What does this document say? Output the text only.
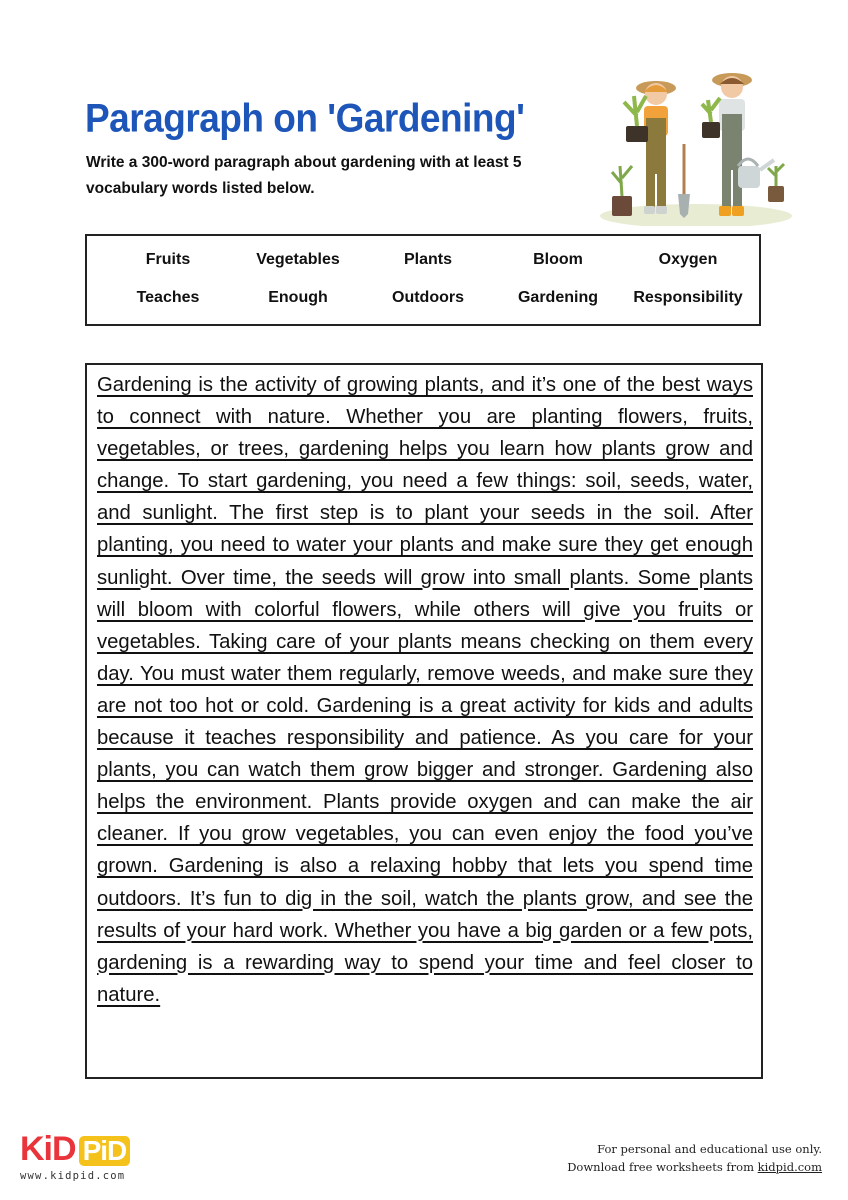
Paragraph on 'Gardening'
Write a 300-word paragraph about gardening with at least 5 vocabulary words listed below.
Fruits	Vegetables	Plants	Bloom	Oxygen
Teaches	Enough	Outdoors	Gardening	Responsibility

Gardening is the activity of growing plants, and it’s one of the best ways to connect with nature. Whether you are planting flowers, fruits, vegetables, or trees, gardening helps you learn how plants grow and change. To start gardening, you need a few things: soil, seeds, water, and sunlight. The first step is to plant your seeds in the soil. After planting, you need to water your plants and make sure they get enough sunlight. Over time, the seeds will grow into small plants. Some plants will bloom with colorful flowers, while others will give you fruits or vegetables. Taking care of your plants means checking on them every day. You must water them regularly, remove weeds, and make sure they are not too hot or cold. Gardening is a great activity for kids and adults because it teaches responsibility and patience. As you care for your plants, you can watch them grow bigger and stronger. Gardening also helps the environment. Plants provide oxygen and can make the air cleaner. If you grow vegetables, you can even enjoy the food you’ve grown. Gardening is also a relaxing hobby that lets you spend time outdoors. It’s fun to dig in the soil, watch the plants grow, and see the results of your hard work. Whether you have a big garden or a few pots, gardening is a rewarding way to spend your time and feel closer to nature.

KiD PiD
www.kidpid.com
For personal and educational use only.
Download free worksheets from kidpid.com
